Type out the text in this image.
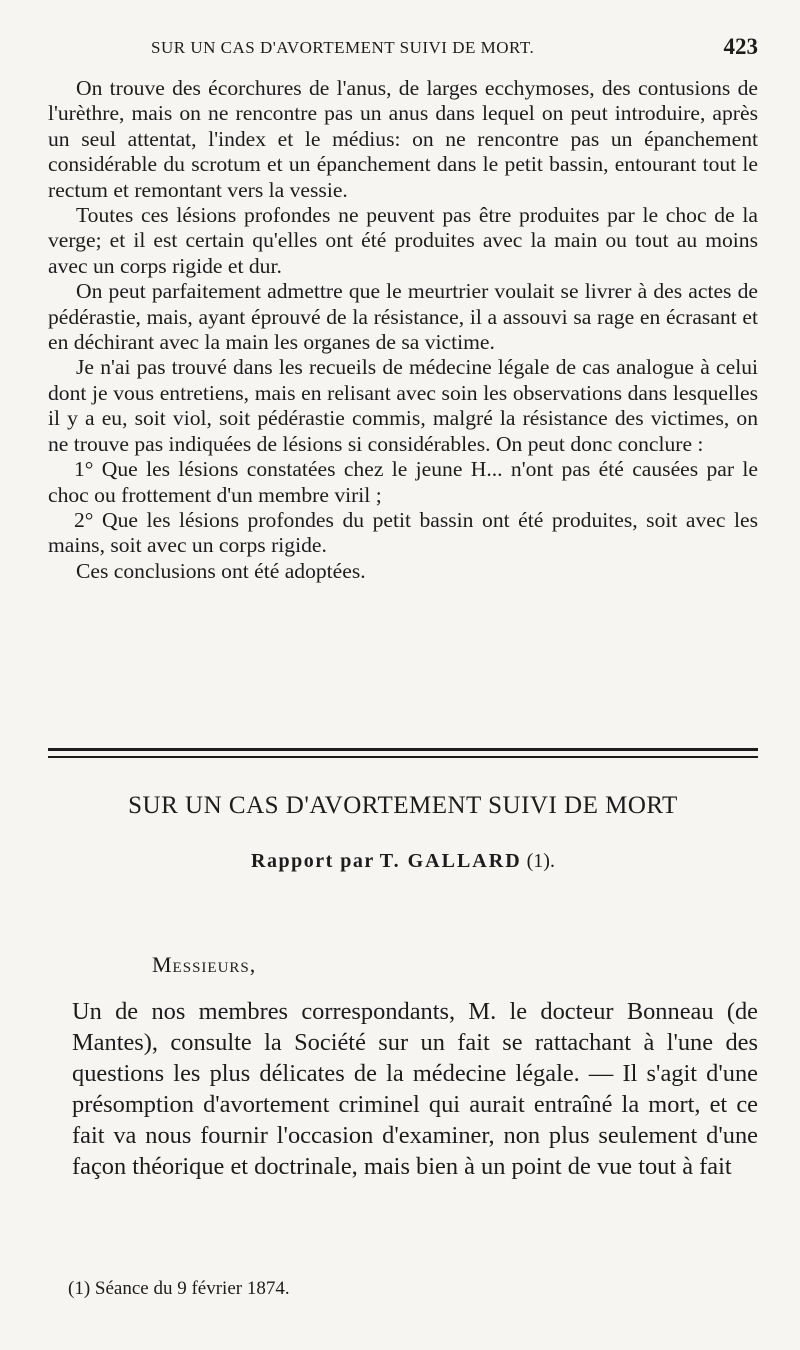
SUR UN CAS D'AVORTEMENT SUIVI DE MORT.	423

On trouve des écorchures de l'anus, de larges ecchymoses, des contusions de l'urèthre, mais on ne rencontre pas un anus dans lequel on peut introduire, après un seul attentat, l'index et le médius: on ne rencontre pas un épanchement considérable du scrotum et un épanchement dans le petit bassin, entourant tout le rectum et remontant vers la vessie.

Toutes ces lésions profondes ne peuvent pas être produites par le choc de la verge; et il est certain qu'elles ont été produites avec la main ou tout au moins avec un corps rigide et dur.

On peut parfaitement admettre que le meurtrier voulait se livrer à des actes de pédérastie, mais, ayant éprouvé de la résistance, il a assouvi sa rage en écrasant et en déchirant avec la main les organes de sa victime.

Je n'ai pas trouvé dans les recueils de médecine légale de cas analogue à celui dont je vous entretiens, mais en relisant avec soin les observations dans lesquelles il y a eu, soit viol, soit pédérastie commis, malgré la résistance des victimes, on ne trouve pas indiquées de lésions si considérables. On peut donc conclure :

1° Que les lésions constatées chez le jeune H... n'ont pas été causées par le choc ou frottement d'un membre viril ;

2° Que les lésions profondes du petit bassin ont été produites, soit avec les mains, soit avec un corps rigide.

Ces conclusions ont été adoptées.

SUR UN CAS D'AVORTEMENT SUIVI DE MORT
Rapport par T. GALLARD (1).
Messieurs,

Un de nos membres correspondants, M. le docteur Bonneau (de Mantes), consulte la Société sur un fait se rattachant à l'une des questions les plus délicates de la médecine légale. — Il s'agit d'une présomption d'avortement criminel qui aurait entraîné la mort, et ce fait va nous fournir l'occasion d'examiner, non plus seulement d'une façon théorique et doctrinale, mais bien à un point de vue tout à fait

(1) Séance du 9 février 1874.
